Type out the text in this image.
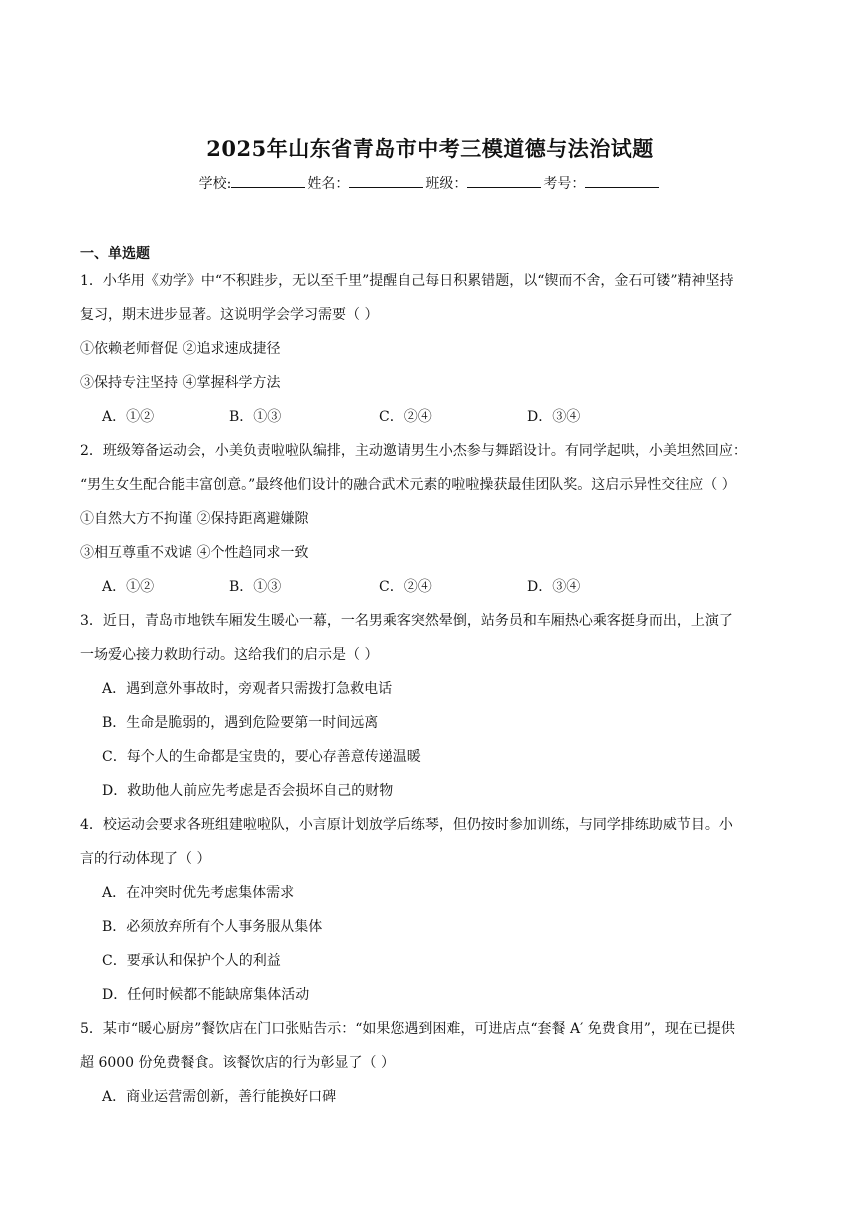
2025年山东省青岛市中考三模道德与法治试题
学校:	姓名：	班级：	考号：
一、单选题
1．小华用《劝学》中“不积跬步，无以至千里”提醒自己每日积累错题，以“锲而不舍，金石可镂”精神坚持
复习，期末进步显著。这说明学会学习需要（ ）
①依赖老师督促 ②追求速成捷径
③保持专注坚持 ④掌握科学方法
A．①②	B．①③	C．②④	D．③④
2．班级筹备运动会，小美负责啦啦队编排，主动邀请男生小杰参与舞蹈设计。有同学起哄，小美坦然回应：
“男生女生配合能丰富创意。”最终他们设计的融合武术元素的啦啦操获最佳团队奖。这启示异性交往应（ ）
①自然大方不拘谨 ②保持距离避嫌隙
③相互尊重不戏谑 ④个性趋同求一致
A．①②	B．①③	C．②④	D．③④
3．近日，青岛市地铁车厢发生暖心一幕，一名男乘客突然晕倒，站务员和车厢热心乘客挺身而出，上演了
一场爱心接力救助行动。这给我们的启示是（ ）
A．遇到意外事故时，旁观者只需拨打急救电话
B．生命是脆弱的，遇到危险要第一时间远离
C．每个人的生命都是宝贵的，要心存善意传递温暖
D．救助他人前应先考虑是否会损坏自己的财物
4．校运动会要求各班组建啦啦队，小言原计划放学后练琴，但仍按时参加训练，与同学排练助威节目。小
言的行动体现了（ ）
A．在冲突时优先考虑集体需求
B．必须放弃所有个人事务服从集体
C．要承认和保护个人的利益
D．任何时候都不能缺席集体活动
5．某市“暖心厨房”餐饮店在门口张贴告示：“如果您遇到困难，可进店点“套餐 A′ 免费食用”，现在已提供
超 6000 份免费餐食。该餐饮店的行为彰显了（ ）
A．商业运营需创新，善行能换好口碑
